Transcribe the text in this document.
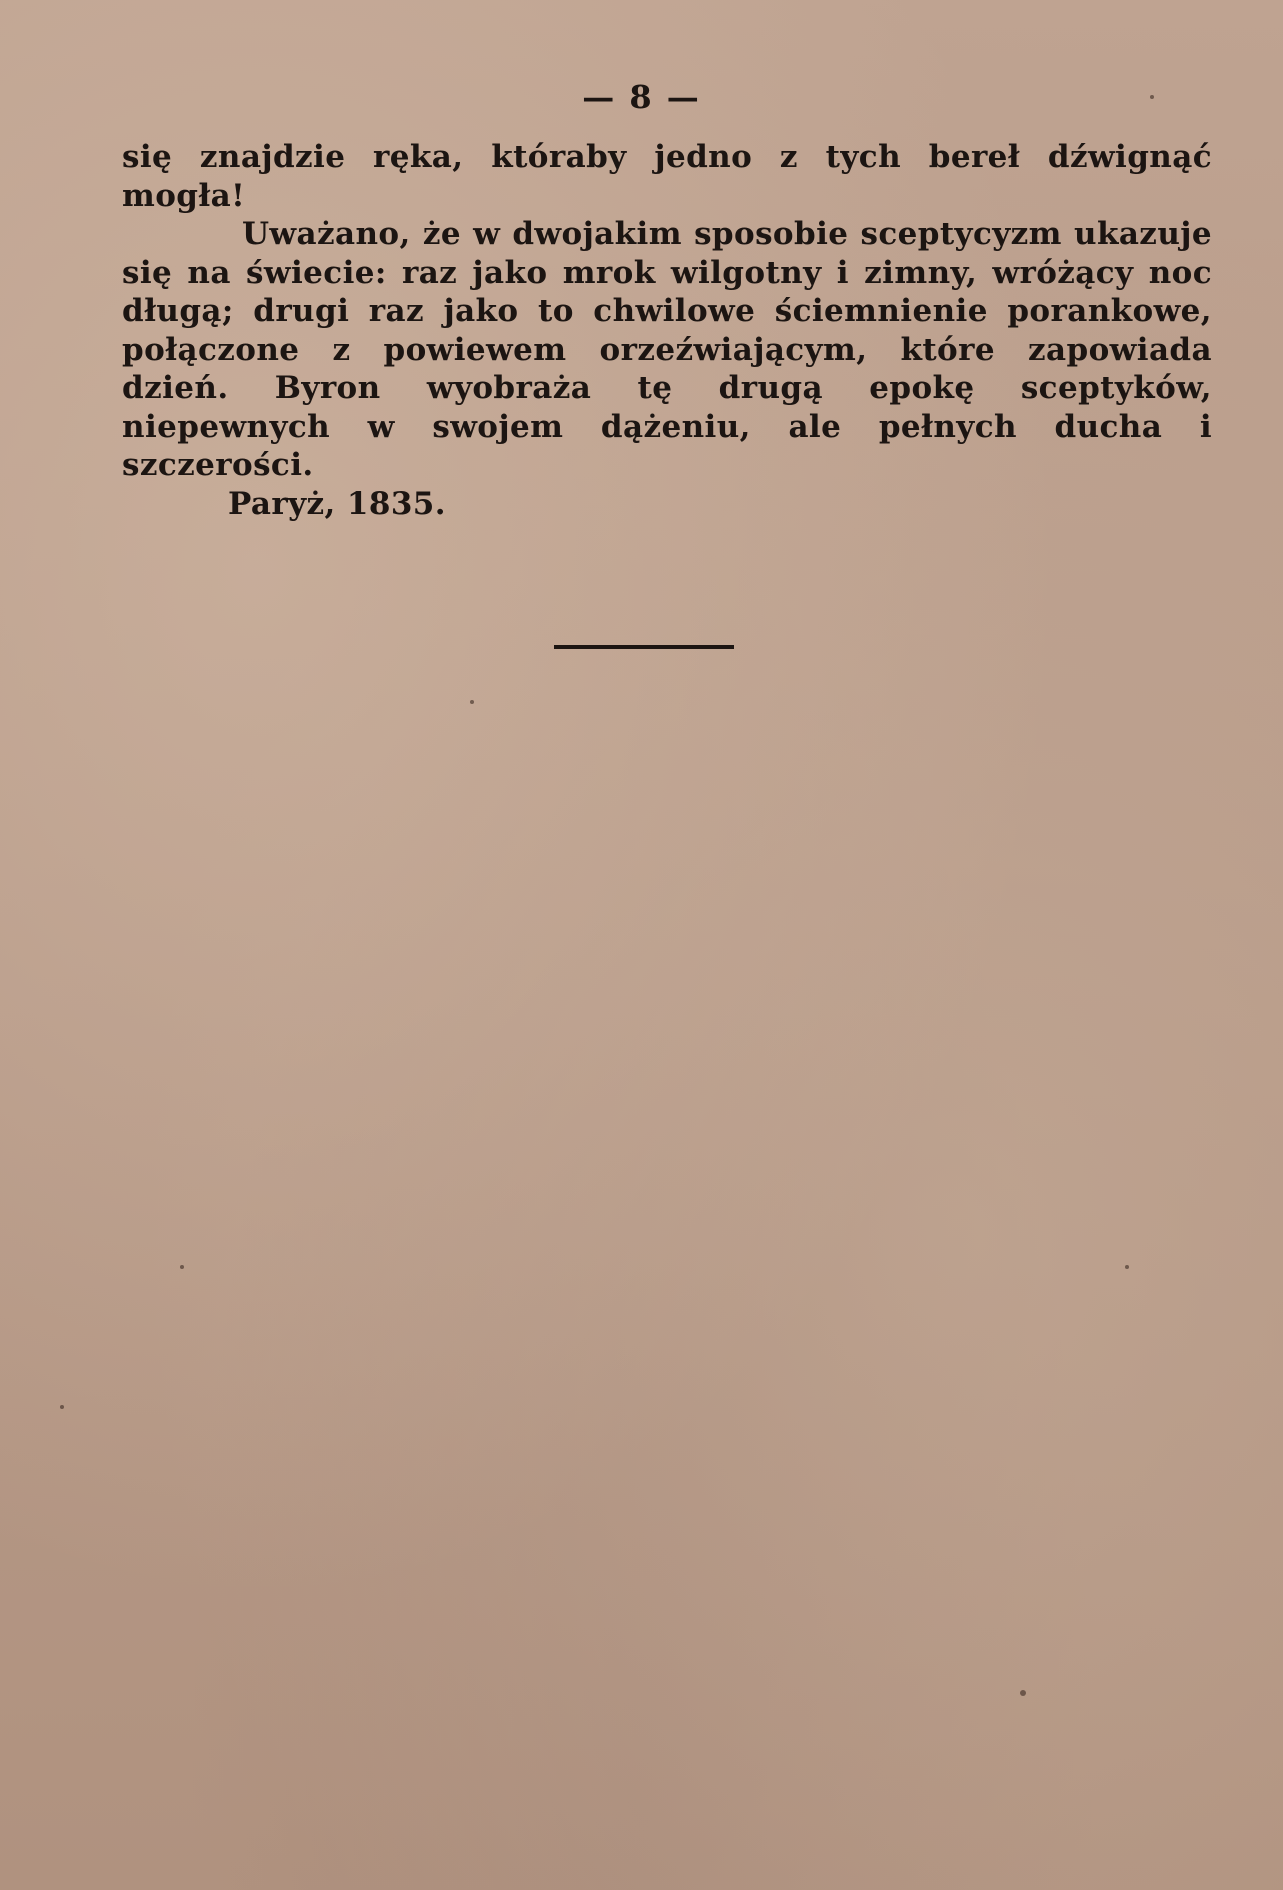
— 8 —

się znajdzie ręka, któraby jedno z tych bereł dźwignąć mogła!

Uważano, że w dwojakim sposobie sceptycyzm ukazuje się na świecie: raz jako mrok wilgotny i zimny, wróżący noc długą; drugi raz jako to chwilowe ściemnienie porankowe, połączone z powiewem orzeźwiającym, które zapowiada dzień. Byron wyobraża tę drugą epokę sceptyków, niepewnych w swojem dążeniu, ale pełnych ducha i szczerości.

Paryż, 1835.
